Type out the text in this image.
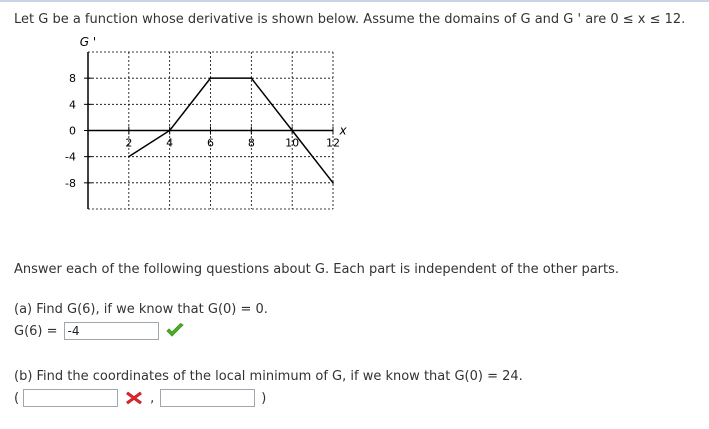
Let G be a function whose derivative is shown below. Assume the domains of G and G ' are 0 ≤ x ≤ 12.
2	4	6	8	10 12
8
4
0
-4
-8
G '
x
Answer each of the following questions about G. Each part is independent of the other parts.
(a) Find G(6), if we know that G(0) = 0.
G(6) =
-4
(b) Find the coordinates of the local minimum of G, if we know that G(0) = 24.
(	,	)
